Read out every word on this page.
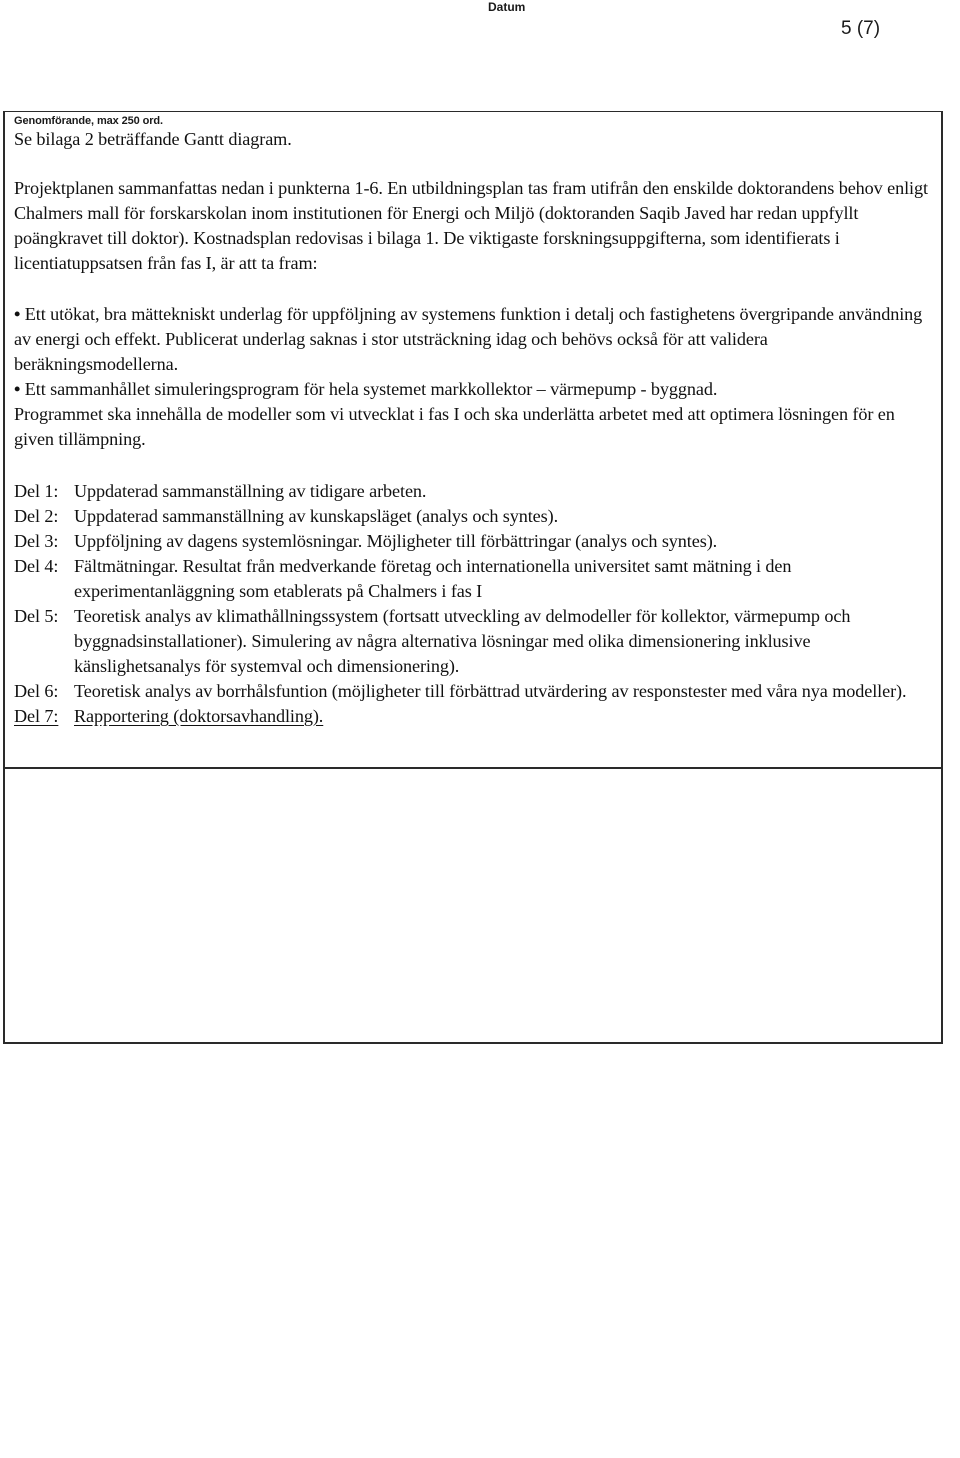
Datum
5 (7)
Genomförande, max 250 ord.

Se bilaga 2 beträffande Gantt diagram.

Projektplanen sammanfattas nedan i punkterna 1-6. En utbildningsplan tas fram utifrån den enskilde doktorandens behov enligt Chalmers mall för forskarskolan inom institutionen för Energi och Miljö (doktoranden Saqib Javed har redan uppfyllt poängkravet till doktor). Kostnadsplan redovisas i bilaga 1. De viktigaste forskningsuppgifterna, som identifierats i licentiatuppsatsen från fas I, är att ta fram:

• Ett utökat, bra mättekniskt underlag för uppföljning av systemens funktion i detalj och fastighetens övergripande användning av energi och effekt. Publicerat underlag saknas i stor utsträckning idag och behövs också för att validera beräkningsmodellerna.

• Ett sammanhållet simuleringsprogram för hela systemet markkollektor – värmepump - byggnad.

Programmet ska innehålla de modeller som vi utvecklat i fas I och ska underlätta arbetet med att optimera lösningen för en given tillämpning.

Del 1: Uppdaterad sammanställning av tidigare arbeten.
Del 2: Uppdaterad sammanställning av kunskapsläget (analys och syntes).
Del 3: Uppföljning av dagens systemlösningar. Möjligheter till förbättringar (analys och syntes).
Del 4: Fältmätningar. Resultat från medverkande företag och internationella universitet samt mätning i den experimentanläggning som etablerats på Chalmers i fas I
Del 5: Teoretisk analys av klimathållningssystem (fortsatt utveckling av delmodeller för kollektor, värmepump och byggnadsinstallationer). Simulering av några alternativa lösningar med olika dimensionering inklusive känslighetsanalys för systemval och dimensionering).
Del 6: Teoretisk analys av borrhålsfuntion (möjligheter till förbättrad utvärdering av responstester med våra nya modeller).
Del 7: Rapportering (doktorsavhandling).
